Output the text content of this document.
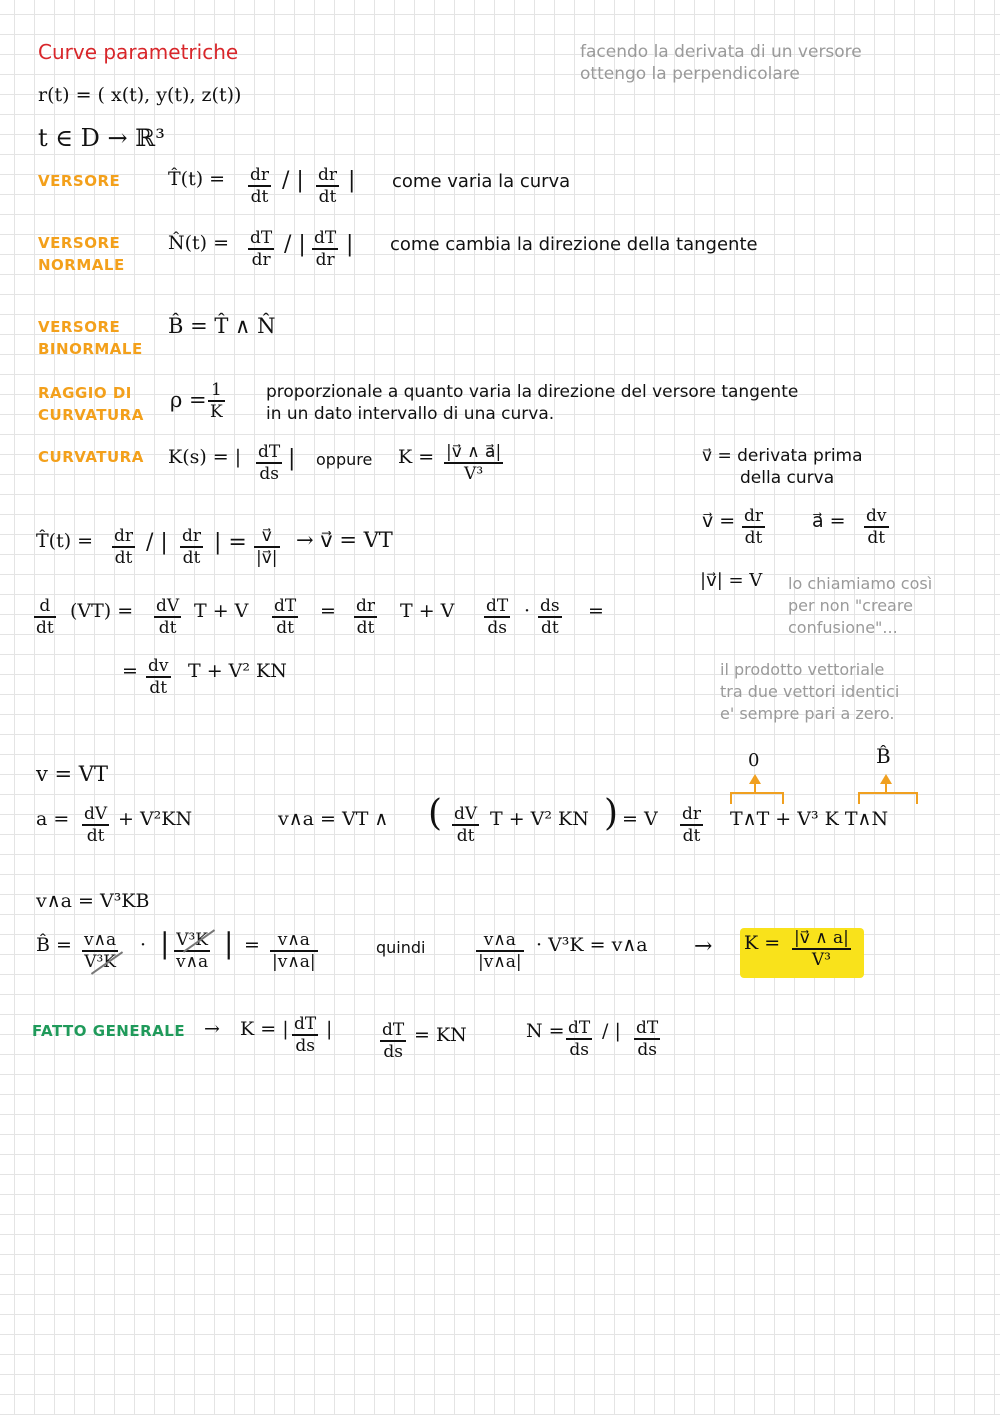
Curve parametriche	facendo la derivata di un versore
ottengo la perpendicolare
r(t) = ( x(t), y(t), z(t))
t ∈ D → ℝ³
VERSORE	T̂(t) = $\frac{dr}{dt}$ / | $\frac{dr}{dt}$ | come varia la curva
VERSORE
NORMALE
N̂(t) = $\frac{dT}{dr}$ / | $\frac{dT}{dr}$ | come cambia la direzione della tangente
VERSORE
BINORMALE
B̂ = T̂ ∧ N̂
RAGGIO DI
CURVATURA
$\rho = \frac{1}{K}$ proporzionale a quanto varia la direzione del versore tangente
in un dato intervallo di una curva.
CURVATURA K(s) = | $\frac{dT}{ds}$ | oppure $K = \frac{|v⃗ \wedge a⃗|}{\text{V³}}$	v⃗ = derivata prima
della curva
v⃗ = $\frac{dr}{dt}$ a⃗ = $\frac{dv}{dt}$
|v⃗| = V lo chiamiamo così
per non "creare
confusione"...
il prodotto vettoriale
tra due vettori identici
e' sempre pari a zero.
T̂(t) = $\frac{dr}{dt}$ / | $\frac{dr}{dt}$ | = $\frac{v⃗}{|v⃗|}$ → v⃗ = VT
$\frac{d}{dt} (VT) = \frac{dV}{dt}$ T + V $\frac{dT}{dt} = \frac{dr}{dt}$ T + V $\frac{dT}{ds} \cdot \frac{ds}{dt}$ =
= $\frac{dv}{dt}$ T + V² KN
v = VT
$a = \frac{dV}{dt} + V^2KN$	v∧a = VT ∧ ( $\frac{dV}{dt}$ T + V² KN ) = V $\frac{dr}{dt}$ T∧T + V³ K T∧N
0	B̂
v∧a = V³KB
B̂ = $\frac{v\wedge a}{\text{V³K}}$ · | $\frac{\text{V³K}}{v\wedge a}$ | = $\frac{v\wedge a}{|v\wedge a|}$	quindi	$\frac{v\wedge a}{|v\wedge a|} \cdot V^3K$ = v∧a → $K = \frac{|v⃗ \wedge a|}{\text{V³}}$
FATTO GENERALE → K = | $\frac{dT}{ds}$ |	$\frac{dT}{ds}$ = KN	$N = \frac{dT}{ds}$ / | $\frac{dT}{ds}$
